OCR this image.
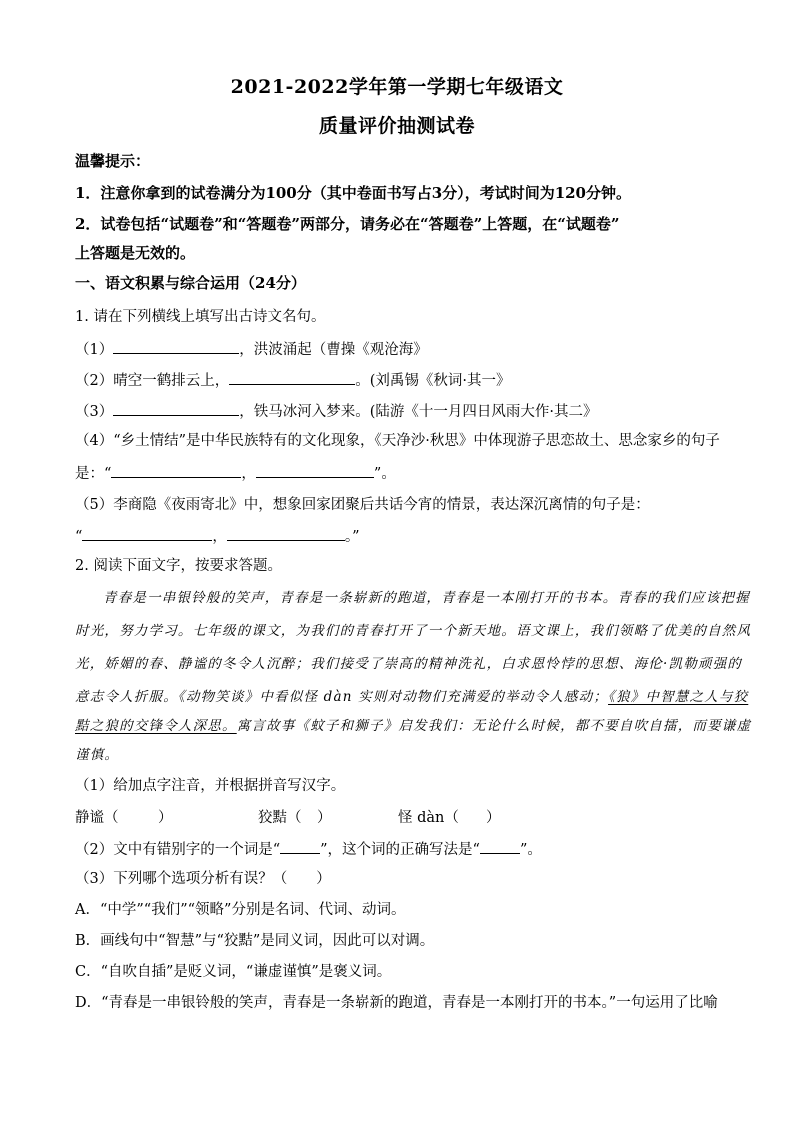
2021-2022学年第一学期七年级语文
质量评价抽测试卷
温馨提示：
1．注意你拿到的试卷满分为100分（其中卷面书写占3分），考试时间为120分钟。
2．试卷包括“试题卷”和“答题卷”两部分，请务必在“答题卷”上答题，在“试题卷”
上答题是无效的。
一、语文积累与综合运用（24分）
1. 请在下列横线上填写出古诗文名句。
（1）	，洪波涌起（曹操《观沧海》
（2）晴空一鹤排云上，	。(刘禹锡《秋词·其一》
（3）	，铁马冰河入梦来。(陆游《十一月四日风雨大作·其二》
（4）“乡土情结”是中华民族特有的文化现象，《天净沙·秋思》中体现游子思恋故土、思念家乡的句子
是：“	，	”。
（5）李商隐《夜雨寄北》中，想象回家团聚后共话今宵的情景，表达深沉离情的句子是：
“	，	。”
2. 阅读下面文字，按要求答题。
青春是一串银铃般的笑声，青春是一条崭新的跑道，青春是一本刚打开的书本。青春的我们应该把握
时光，努力学习。七年级的课文，为我们的青春打开了一个新天地。语文课上，我们领略了优美的自然风
光，娇媚的春、静谧的冬令人沉醉；我们接受了崇高的精神洗礼，白求恩怜悖的思想、海伦·凯勒顽强的
意志令人折服。《动物笑谈》中看似怪 dàn 实则对动物们充满爱的举动令人感动；《狼》中智慧之人与狡
黠之狼的交锋令人深思。寓言故事《蚊子和狮子》启发我们：无论什么时候，都不要自吹自擂，而要谦虚
谨慎。
（1）给加点字注音，并根据拼音写汉字。
静谧（	）	狡黠（ ）	怪 dàn（ ）
（2）文中有错别字的一个词是“	”，这个词的正确写法是“	”。
（3）下列哪个选项分析有误？（　　）
A．“中学”“我们”“领略”分别是名词、代词、动词。
B．画线句中“智慧”与“狡黠”是同义词，因此可以对调。
C．“自吹自插”是贬义词，“谦虚谨慎”是褒义词。
D．“青春是一串银铃般的笑声，青春是一条崭新的跑道，青春是一本刚打开的书本。”一句运用了比喻
